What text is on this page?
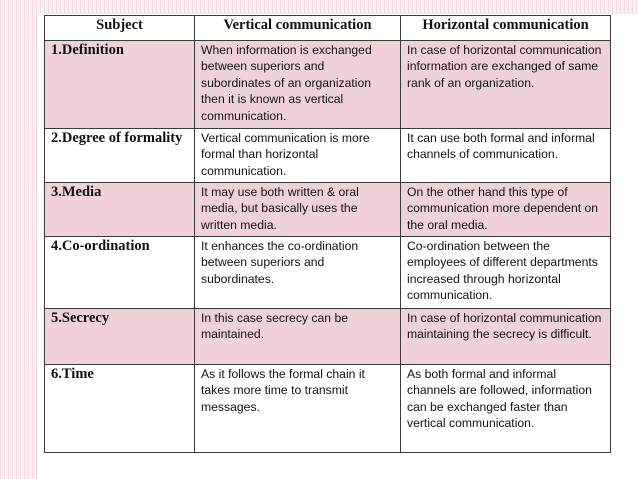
Subject	Vertical communication	Horizontal communication
1.Definition	When information is exchanged between superiors and subordinates of an organization then it is known as vertical communication.	In case of horizontal communication information are exchanged of same rank of an organization.
2.Degree of formality	Vertical communication is more formal than horizontal communication.	It can use both formal and informal channels of communication.
3.Media	It may use both written & oral media, but basically uses the written media.	On the other hand this type of communication more dependent on the oral media.
4.Co-ordination	It enhances the co-ordination between superiors and subordinates.	Co-ordination between the employees of different departments increased through horizontal communication.
5.Secrecy	In this case secrecy can be maintained.	In case of horizontal communication maintaining the secrecy is difficult.
6.Time	As it follows the formal chain it takes more time to transmit messages.	As both formal and informal channels are followed, information can be exchanged faster than vertical communication.
